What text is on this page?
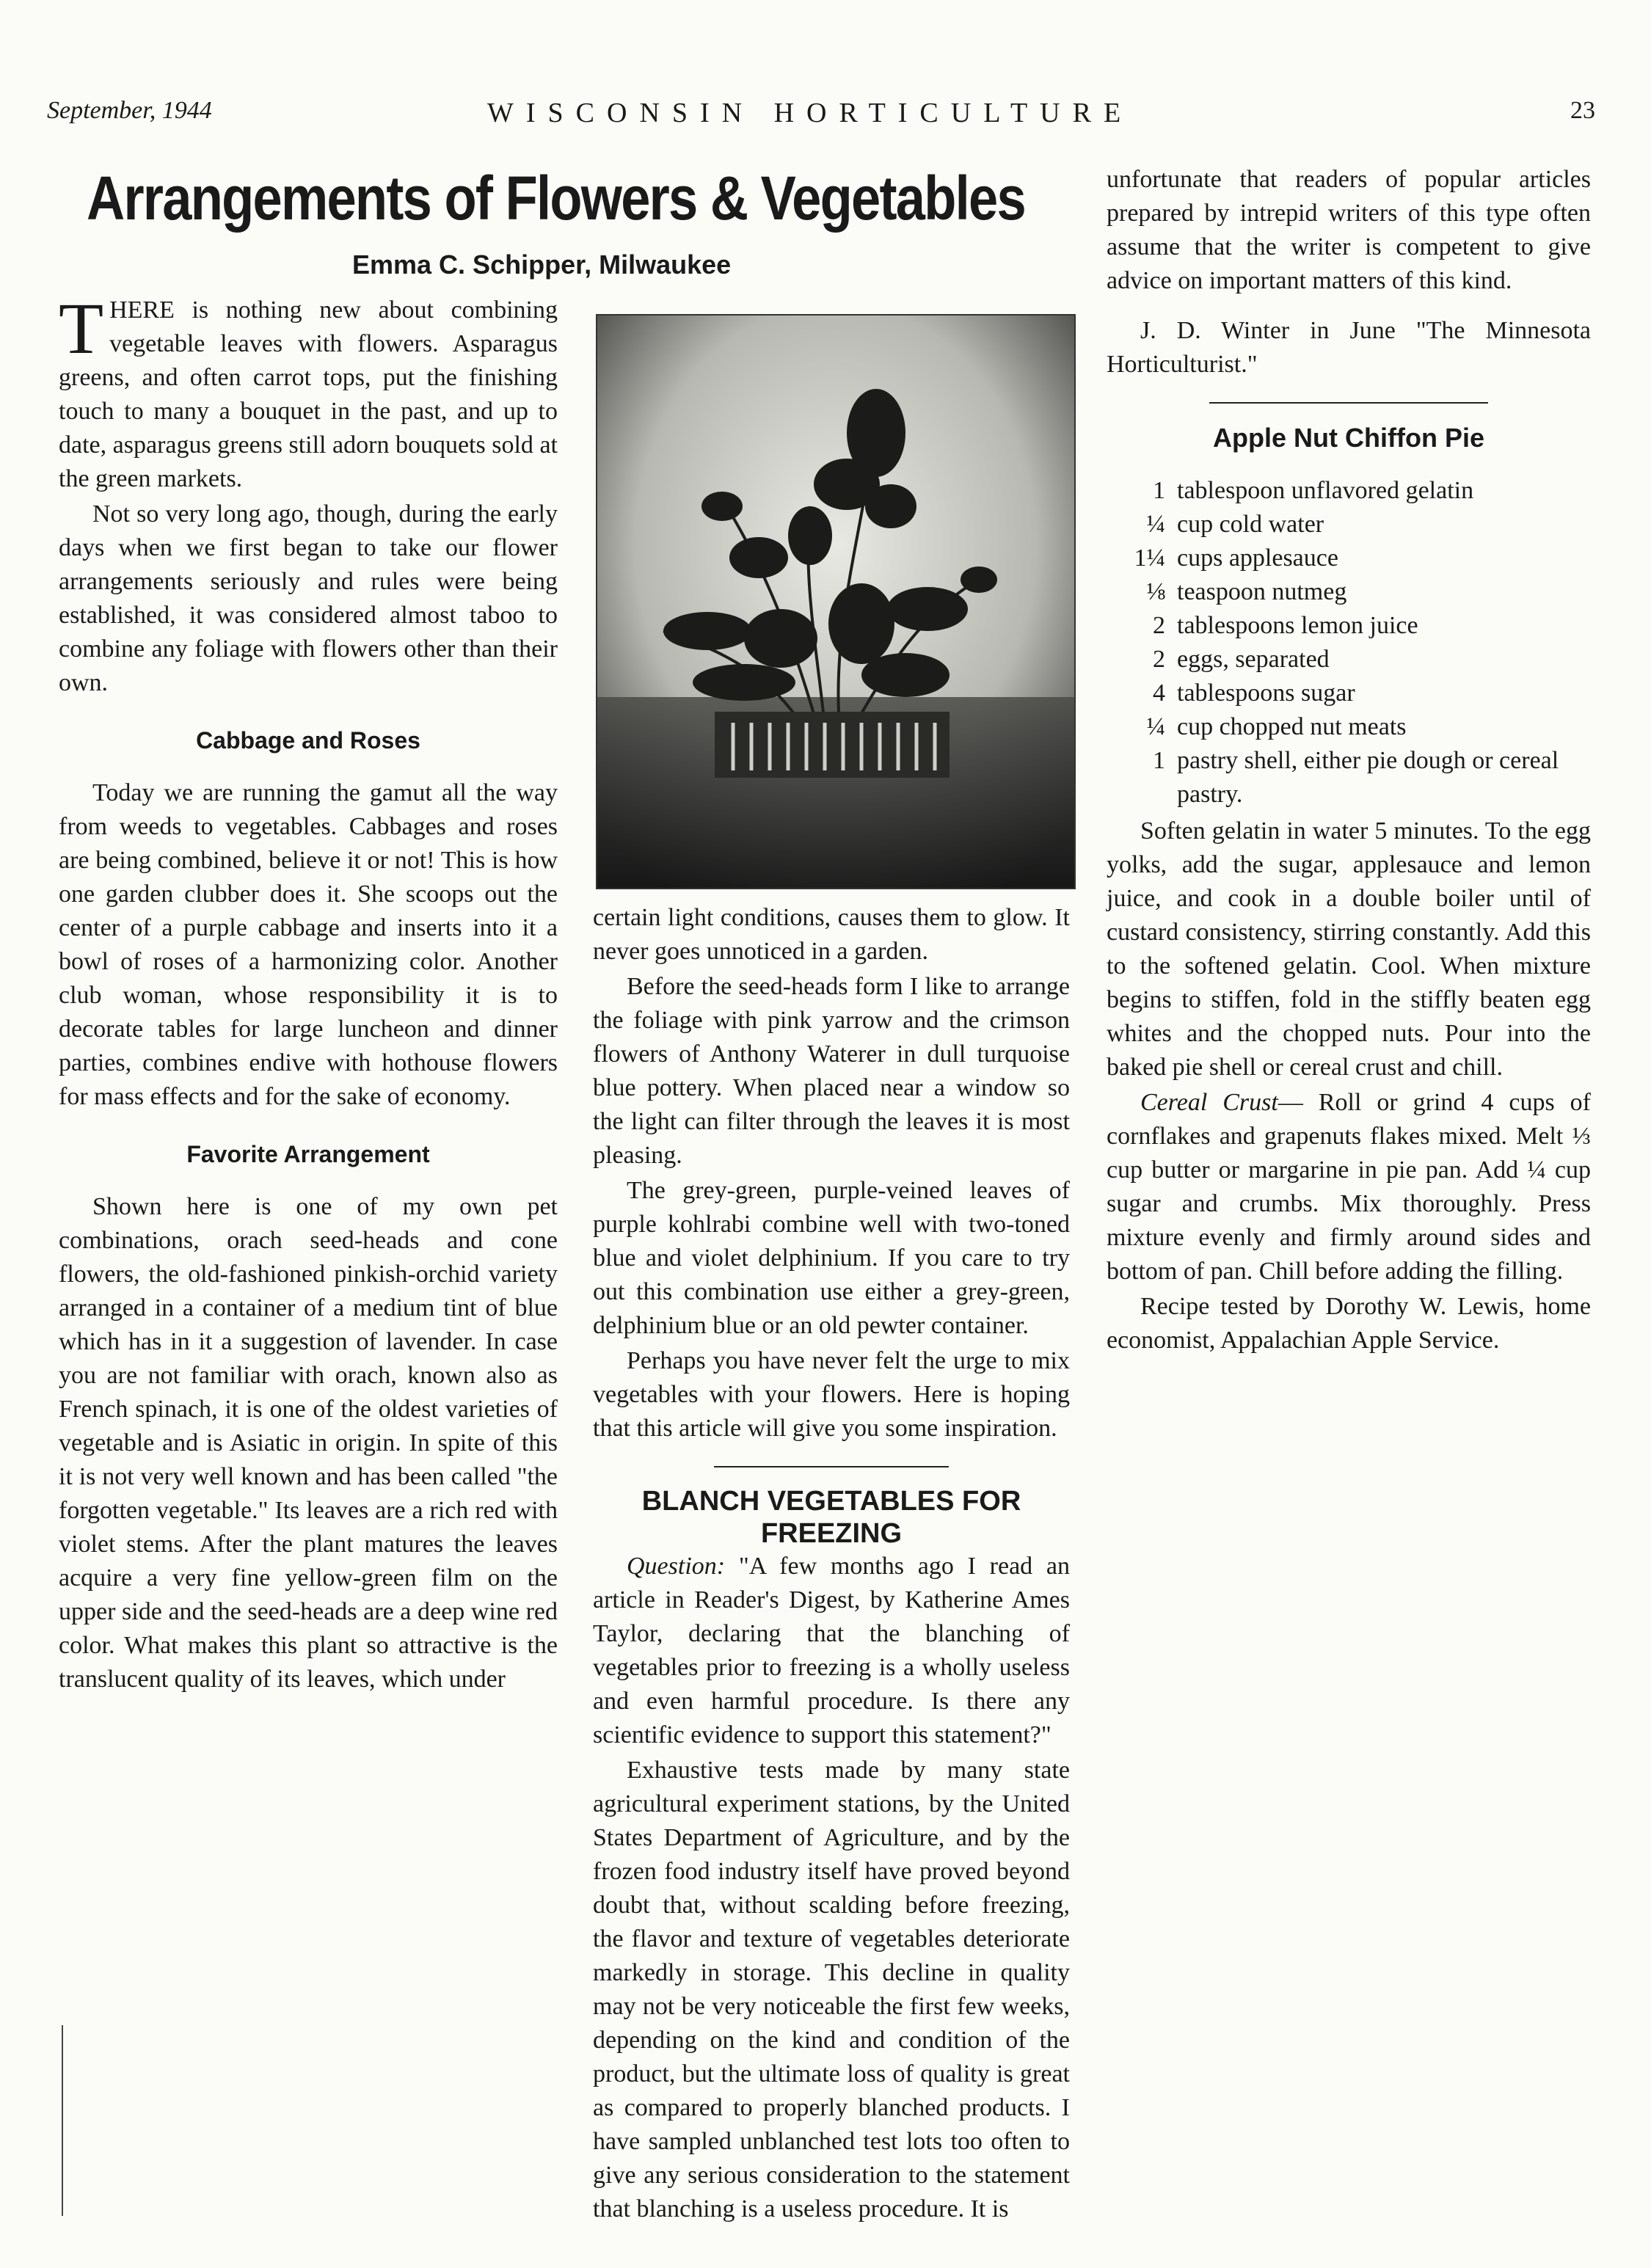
September, 1944	WISCONSIN HORTICULTURE	23
Arrangements of Flowers & Vegetables
Emma C. Schipper, Milwaukee

THERE is nothing new about combining vegetable leaves with flowers. Asparagus greens, and often carrot tops, put the finishing touch to many a bouquet in the past, and up to date, asparagus greens still adorn bouquets sold at the green markets.

Not so very long ago, though, during the early days when we first began to take our flower arrangements seriously and rules were being established, it was considered almost taboo to combine any foliage with flowers other than their own.

Cabbage and Roses

Today we are running the gamut all the way from weeds to vegetables. Cabbages and roses are being combined, believe it or not! This is how one garden clubber does it. She scoops out the center of a purple cabbage and inserts into it a bowl of roses of a harmonizing color. Another club woman, whose responsibility it is to decorate tables for large luncheon and dinner parties, combines endive with hothouse flowers for mass effects and for the sake of economy.

Favorite Arrangement

Shown here is one of my own pet combinations, orach seed-heads and cone flowers, the old-fashioned pinkish-orchid variety arranged in a container of a medium tint of blue which has in it a suggestion of lavender. In case you are not familiar with orach, known also as French spinach, it is one of the oldest varieties of vegetable and is Asiatic in origin. In spite of this it is not very well known and has been called "the forgotten vegetable." Its leaves are a rich red with violet stems. After the plant matures the leaves acquire a very fine yellow-green film on the upper side and the seed-heads are a deep wine red color. What makes this plant so attractive is the translucent quality of its leaves, which under

certain light conditions, causes them to glow. It never goes unnoticed in a garden.

Before the seed-heads form I like to arrange the foliage with pink yarrow and the crimson flowers of Anthony Waterer in dull turquoise blue pottery. When placed near a window so the light can filter through the leaves it is most pleasing.

The grey-green, purple-veined leaves of purple kohlrabi combine well with two-toned blue and violet delphinium. If you care to try out this combination use either a grey-green, delphinium blue or an old pewter container.

Perhaps you have never felt the urge to mix vegetables with your flowers. Here is hoping that this article will give you some inspiration.

BLANCH VEGETABLES FOR FREEZING

Question: "A few months ago I read an article in Reader's Digest, by Katherine Ames Taylor, declaring that the blanching of vegetables prior to freezing is a wholly useless and even harmful procedure. Is there any scientific evidence to support this statement?"

Exhaustive tests made by many state agricultural experiment stations, by the United States Department of Agriculture, and by the frozen food industry itself have proved beyond doubt that, without scalding before freezing, the flavor and texture of vegetables deteriorate markedly in storage. This decline in quality may not be very noticeable the first few weeks, depending on the kind and condition of the product, but the ultimate loss of quality is great as compared to properly blanched products. I have sampled unblanched test lots too often to give any serious consideration to the statement that blanching is a useless procedure. It is

J. D. Winter in June "The Minnesota Horticulturist."

Apple Nut Chiffon Pie
1 tablespoon unflavored gelatin
¼ cup cold water
1¼ cups applesauce
⅛ teaspoon nutmeg
2 tablespoons lemon juice
2 eggs, separated
4 tablespoons sugar
¼ cup chopped nut meats
1 pastry shell, either pie dough or cereal pastry.

Soften gelatin in water 5 minutes. To the egg yolks, add the sugar, applesauce and lemon juice, and cook in a double boiler until of custard consistency, stirring constantly. Add this to the softened gelatin. Cool. When mixture begins to stiffen, fold in the stiffly beaten egg whites and the chopped nuts. Pour into the baked pie shell or cereal crust and chill.

Cereal Crust— Roll or grind 4 cups of cornflakes and grapenuts flakes mixed. Melt ⅓ cup butter or margarine in pie pan. Add ¼ cup sugar and crumbs. Mix thoroughly. Press mixture evenly and firmly around sides and bottom of pan. Chill before adding the filling.

Recipe tested by Dorothy W. Lewis, home economist, Appalachian Apple Service.

unfortunate that readers of popular articles prepared by intrepid writers of this type often assume that the writer is competent to give advice on important matters of this kind.
